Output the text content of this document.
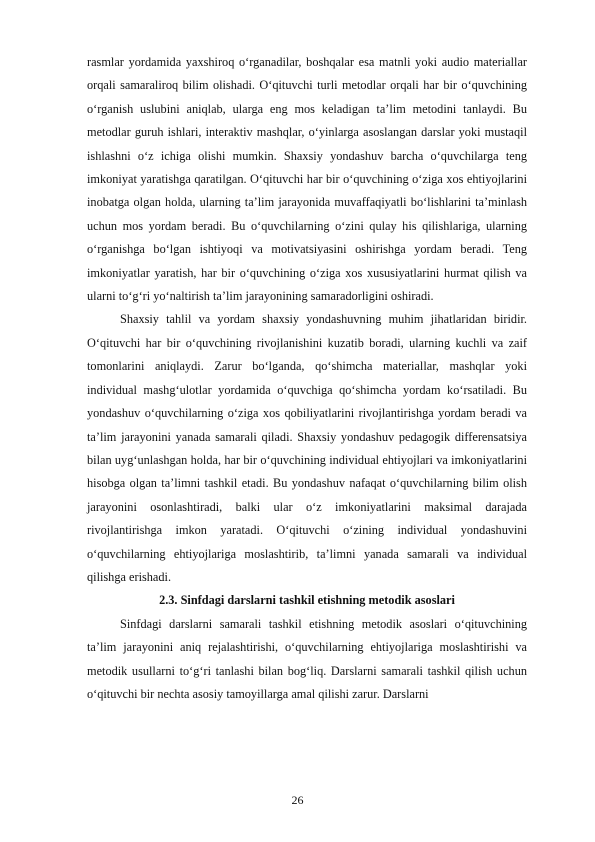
rasmlar yordamida yaxshiroq o‘rganadilar, boshqalar esa matnli yoki audio materiallar orqali samaraliroq bilim olishadi. O‘qituvchi turli metodlar orqali har bir o‘quvchining o‘rganish uslubini aniqlab, ularga eng mos keladigan ta’lim metodini tanlaydi. Bu metodlar guruh ishlari, interaktiv mashqlar, o‘yinlarga asoslangan darslar yoki mustaqil ishlashni o‘z ichiga olishi mumkin. Shaxsiy yondashuv barcha o‘quvchilarga teng imkoniyat yaratishga qaratilgan. O‘qituvchi har bir o‘quvchining o‘ziga xos ehtiyojlarini inobatga olgan holda, ularning ta’lim jarayonida muvaffaqiyatli bo‘lishlarini ta’minlash uchun mos yordam beradi. Bu o‘quvchilarning o‘zini qulay his qilishlariga, ularning o‘rganishga bo‘lgan ishtiyoqi va motivatsiyasini oshirishga yordam beradi. Teng imkoniyatlar yaratish, har bir o‘quvchining o‘ziga xos xususiyatlarini hurmat qilish va ularni to‘g‘ri yo‘naltirish ta’lim jarayonining samaradorligini oshiradi.

Shaxsiy tahlil va yordam shaxsiy yondashuvning muhim jihatlaridan biridir. O‘qituvchi har bir o‘quvchining rivojlanishini kuzatib boradi, ularning kuchli va zaif tomonlarini aniqlaydi. Zarur bo‘lganda, qo‘shimcha materiallar, mashqlar yoki individual mashg‘ulotlar yordamida o‘quvchiga qo‘shimcha yordam ko‘rsatiladi. Bu yondashuv o‘quvchilarning o‘ziga xos qobiliyatlarini rivojlantirishga yordam beradi va ta’lim jarayonini yanada samarali qiladi. Shaxsiy yondashuv pedagogik differensatsiya bilan uyg‘unlashgan holda, har bir o‘quvchining individual ehtiyojlari va imkoniyatlarini hisobga olgan ta’limni tashkil etadi. Bu yondashuv nafaqat o‘quvchilarning bilim olish jarayonini osonlashtiradi, balki ular o‘z imkoniyatlarini maksimal darajada rivojlantirishga imkon yaratadi. O‘qituvchi o‘zining individual yondashuvini o‘quvchilarning ehtiyojlariga moslashtirib, ta’limni yanada samarali va individual qilishga erishadi.

2.3. Sinfdagi darslarni tashkil etishning metodik asoslari

Sinfdagi darslarni samarali tashkil etishning metodik asoslari o‘qituvchining ta’lim jarayonini aniq rejalashtirishi, o‘quvchilarning ehtiyojlariga moslashtirishi va metodik usullarni to‘g‘ri tanlashi bilan bog‘liq. Darslarni samarali tashkil qilish uchun o‘qituvchi bir nechta asosiy tamoyillarga amal qilishi zarur. Darslarni

26
